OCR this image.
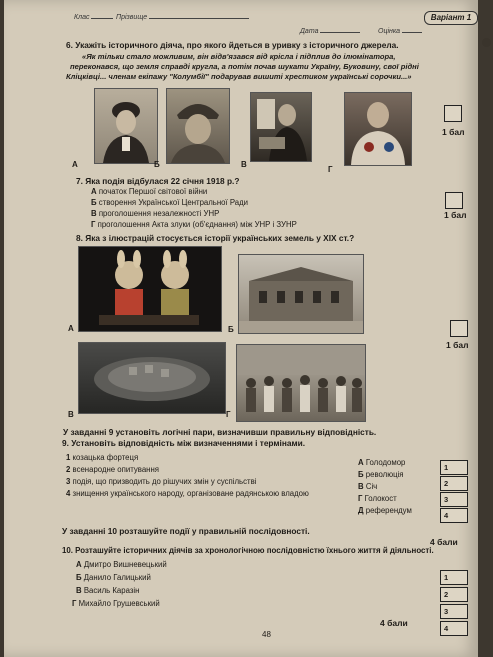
Клас	Прізвище
Дата	Оцінка
Варіант 1
6. Укажіть історичного діяча, про якого йдеться в уривку з історичного джерела.
«Як тільки стало можливим, він відв'язався від крісла і підплив до ілюмінатора,
переконався, що земля справді кругла, а потім почав шукати Україну, Буковину, свої рідні
Кліцківці... членам екіпажу "Колумбії" подарував вишиті хрестиком українські сорочки...»
А	Б	В
Г
1 бал
7. Яка подія відбулася 22 січня 1918 р.?
А початок Першої світової війни
Б створення Української Центральної Ради
В проголошення незалежності УНР
Г проголошення Акта злуки (об'єднання) між УНР і ЗУНР
1 бал
8. Яка з ілюстрацій стосується історії українських земель у XIX ст.?
А	Б
В	Г
1 бал
У завданні 9 установіть логічні пари, визначивши правильну відповідність.
9. Установіть відповідність між визначеннями і термінами.
1 козацька фортеця
2 всенародне опитування
3 подія, що призводить до рішучих змін у суспільстві
4 знищення українського народу, організоване радянською владою
А Голодомор
Б революція
В Січ
Г Голокост
Д референдум
1
2
3
4
У завданні 10 розташуйте події у правильній послідовності.
4 бали
10. Розташуйте історичних діячів за хронологічною послідовністю їхнього життя й діяльності.
А Дмитро Вишневецький
Б Данило Галицький
В Василь Каразін
Г Михайло Грушевський
1
2
3
4
4 бали
48
